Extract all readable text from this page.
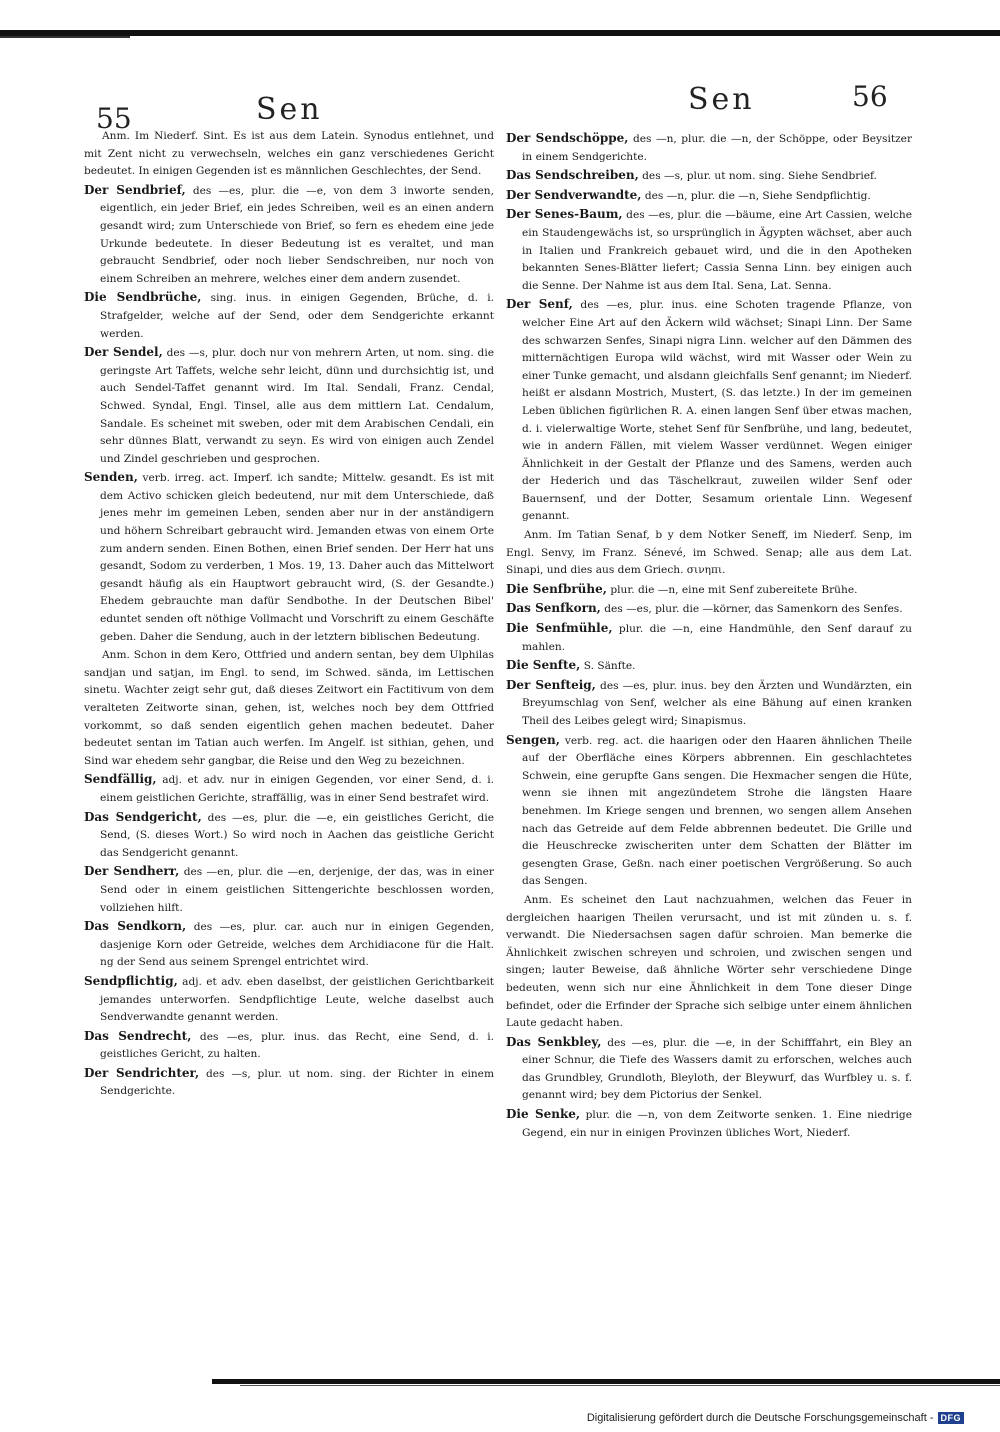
55	Sen	Sen	56

Anm. Im Niederf. Sint. Es ist aus dem Latein. Synodus entlehnet, und mit Zent nicht zu verwechseln, welches ein ganz verschiedenes Gericht bedeutet. In einigen Gegenden ist es männlichen Geschlechtes, der Send.

Der Sendbrief, des —es, plur. die —e, von dem 3 inworte senden, eigentlich, ein jeder Brief, ein jedes Schreiben, weil es an einen andern gesandt wird; zum Unterschiede von Brief, so fern es ehedem eine jede Urkunde bedeutete. In dieser Bedeutung ist es veraltet, und man gebraucht Sendbrief, oder noch lieber Sendschreiben, nur noch von einem Schreiben an mehrere, welches einer dem andern zusendet.

Die Sendbrüche, sing. inus. in einigen Gegenden, Brüche, d. i. Strafgelder, welche auf der Send, oder dem Sendgerichte erkannt werden.

Der Sendel, des —s, plur. doch nur von mehrern Arten, ut nom. sing. die geringste Art Taffets, welche sehr leicht, dünn und durchsichtig ist, und auch Sendel-Taffet genannt wird. Im Ital. Sendali, Franz. Cendal, Schwed. Syndal, Engl. Tinsel, alle aus dem mittlern Lat. Cendalum, Sandale. Es scheinet mit sweben, oder mit dem Arabischen Cendali, ein sehr dünnes Blatt, verwandt zu seyn. Es wird von einigen auch Zendel und Zindel geschrieben und gesprochen.

Senden, verb. irreg. act. Imperf. ich sandte; Mittelw. gesandt. Es ist mit dem Activo schicken gleich bedeutend, nur mit dem Unterschiede, daß jenes mehr im gemeinen Leben, senden aber nur in der anständigern und höhern Schreibart gebraucht wird. Jemanden etwas von einem Orte zum andern senden. Einen Bothen, einen Brief senden. Der Herr hat uns gesandt, Sodom zu verderben, 1 Mos. 19, 13. Daher auch das Mittelwort gesandt häufig als ein Hauptwort gebraucht wird, (S. der Gesandte.) Ehedem gebrauchte man dafür Sendbothe. In der Deutschen Bibel' eduntet senden oft nöthige Vollmacht und Vorschrift zu einem Geschäfte geben. Daher die Sendung, auch in der letztern biblischen Bedeutung.

Anm. Schon in dem Kero, Ottfried und andern sentan, bey dem Ulphilas sandjan und satjan, im Engl. to send, im Schwed. sända, im Lettischen sinetu. Wachter zeigt sehr gut, daß dieses Zeitwort ein Factitivum von dem veralteten Zeitworte sinan, gehen, ist, welches noch bey dem Ottfried vorkommt, so daß senden eigentlich gehen machen bedeutet. Daher bedeutet sentan im Tatian auch werfen. Im Angelf. ist sithian, gehen, und Sind war ehedem sehr gangbar, die Reise und den Weg zu bezeichnen.

Sendfällig, adj. et adv. nur in einigen Gegenden, vor einer Send, d. i. einem geistlichen Gerichte, straffällig, was in einer Send bestrafet wird.

Das Sendgericht, des —es, plur. die —e, ein geistliches Gericht, die Send, (S. dieses Wort.) So wird noch in Aachen das geistliche Gericht das Sendgericht genannt.

Der Sendherr, des —en, plur. die —en, derjenige, der das, was in einer Send oder in einem geistlichen Sittengerichte beschlossen worden, vollziehen hilft.

Das Sendkorn, des —es, plur. car. auch nur in einigen Gegenden, dasjenige Korn oder Getreide, welches dem Archidiacone für die Halt. ng der Send aus seinem Sprengel entrichtet wird.

Sendpflichtig, adj. et adv. eben daselbst, der geistlichen Gerichtbarkeit jemandes unterworfen. Sendpflichtige Leute, welche daselbst auch Sendverwandte genannt werden.

Das Sendrecht, des —es, plur. inus. das Recht, eine Send, d. i. geistliches Gericht, zu halten.

Der Sendrichter, des —s, plur. ut nom. sing. der Richter in einem Sendgerichte.

Der Sendschöppe, des —n, plur. die —n, der Schöppe, oder Beysitzer in einem Sendgerichte.

Das Sendschreiben, des —s, plur. ut nom. sing. Siehe Sendbrief.

Der Sendverwandte, des —n, plur. die —n, Siehe Sendpflichtig.

Der Senes-Baum, des —es, plur. die —bäume, eine Art Cassien, welche ein Staudengewächs ist, so ursprünglich in Ägypten wächset, aber auch in Italien und Frankreich gebauet wird, und die in den Apotheken bekannten Senes-Blätter liefert; Cassia Senna Linn. bey einigen auch die Senne. Der Nahme ist aus dem Ital. Sena, Lat. Senna.

Der Senf, des —es, plur. inus. eine Schoten tragende Pflanze, von welcher Eine Art auf den Äckern wild wächset; Sinapi Linn. Der Same des schwarzen Senfes, Sinapi nigra Linn. welcher auf den Dämmen des mitternächtigen Europa wild wächst, wird mit Wasser oder Wein zu einer Tunke gemacht, und alsdann gleichfalls Senf genannt; im Niederf. heißt er alsdann Mostrich, Mustert, (S. das letzte.) In der im gemeinen Leben üblichen figürlichen R. A. einen langen Senf über etwas machen, d. i. vielerwaltige Worte, stehet Senf für Senfbrühe, und lang, bedeutet, wie in andern Fällen, mit vielem Wasser verdünnet. Wegen einiger Ähnlichkeit in der Gestalt der Pflanze und des Samens, werden auch der Hederich und das Täschelkraut, zuweilen wilder Senf oder Bauernsenf, und der Dotter, Sesamum orientale Linn. Wegesenf genannt.

Anm. Im Tatian Senaf, b y dem Notker Seneff, im Niederf. Senp, im Engl. Senvy, im Franz. Sénevé, im Schwed. Senap; alle aus dem Lat. Sinapi, und dies aus dem Griech. σινηπι.

Die Senfbrühe, plur. die —n, eine mit Senf zubereitete Brühe.

Das Senfkorn, des —es, plur. die —körner, das Samenkorn des Senfes.

Die Senfmühle, plur. die —n, eine Handmühle, den Senf darauf zu mahlen.

Die Senfte, S. Sänfte.

Der Senfteig, des —es, plur. inus. bey den Ärzten und Wundärzten, ein Breyumschlag von Senf, welcher als eine Bähung auf einen kranken Theil des Leibes gelegt wird; Sinapismus.

Sengen, verb. reg. act. die haarigen oder den Haaren ähnlichen Theile auf der Oberfläche eines Körpers abbrennen. Ein geschlachtetes Schwein, eine gerupfte Gans sengen. Die Hexmacher sengen die Hüte, wenn sie ihnen mit angezündetem Strohe die längsten Haare benehmen. Im Kriege sengen und brennen, wo sengen allem Ansehen nach das Getreide auf dem Felde abbrennen bedeutet. Die Grille und die Heuschrecke zwischeriten unter dem Schatten der Blätter im gesengten Grase, Geßn. nach einer poetischen Vergrößerung. So auch das Sengen.

Anm. Es scheinet den Laut nachzuahmen, welchen das Feuer in dergleichen haarigen Theilen verursacht, und ist mit zünden u. s. f. verwandt. Die Niedersachsen sagen dafür schroien. Man bemerke die Ähnlichkeit zwischen schreyen und schroien, und zwischen sengen und singen; lauter Beweise, daß ähnliche Wörter sehr verschiedene Dinge bedeuten, wenn sich nur eine Ähnlichkeit in dem Tone dieser Dinge befindet, oder die Erfinder der Sprache sich selbige unter einem ähnlichen Laute gedacht haben.

Das Senkbley, des —es, plur. die —e, in der Schifffahrt, ein Bley an einer Schnur, die Tiefe des Wassers damit zu erforschen, welches auch das Grundbley, Grundloth, Bleyloth, der Bleywurf, das Wurfbley u. s. f. genannt wird; bey dem Pictorius der Senkel.

Die Senke, plur. die —n, von dem Zeitworte senken. 1. Eine niedrige Gegend, ein nur in einigen Provinzen übliches Wort, Niederf.

Digitalisierung gefördert durch die Deutsche Forschungsgemeinschaft - DFG
